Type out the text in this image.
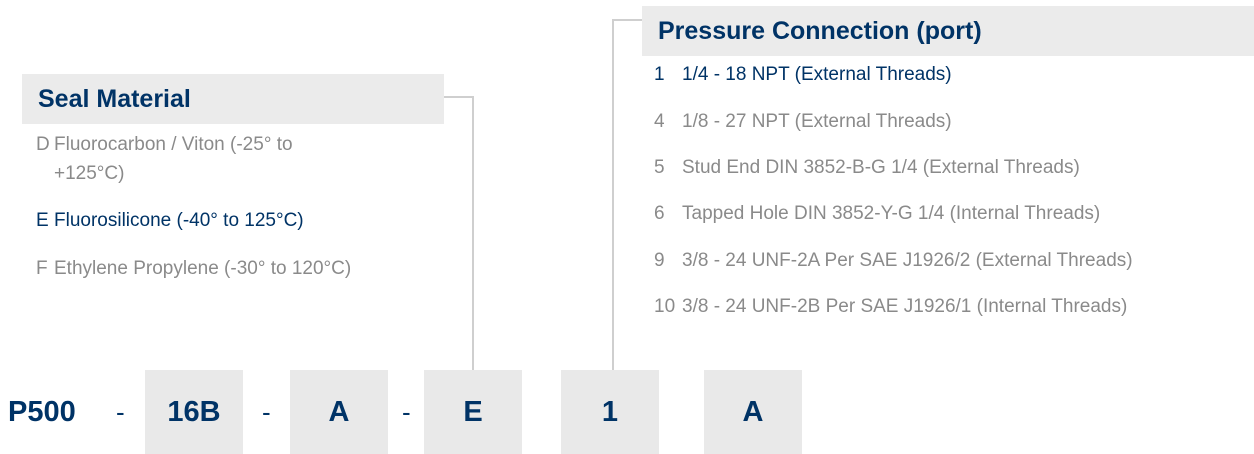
Seal Material
D Fluorocarbon / Viton (-25° to
+125°C)
E Fluorosilicone (-40° to 125°C)
F Ethylene Propylene (-30° to 120°C)
Pressure Connection (port)
1 1/4 - 18 NPT (External Threads)
4 1/8 - 27 NPT (External Threads)
5 Stud End DIN 3852-B-G 1/4 (External Threads)
6 Tapped Hole DIN 3852-Y-G 1/4 (Internal Threads)
9 3/8 - 24 UNF-2A Per SAE J1926/2 (External Threads)
10 3/8 - 24 UNF-2B Per SAE J1926/1 (Internal Threads)
P500 -	16B	-	A	-	E	1	A
